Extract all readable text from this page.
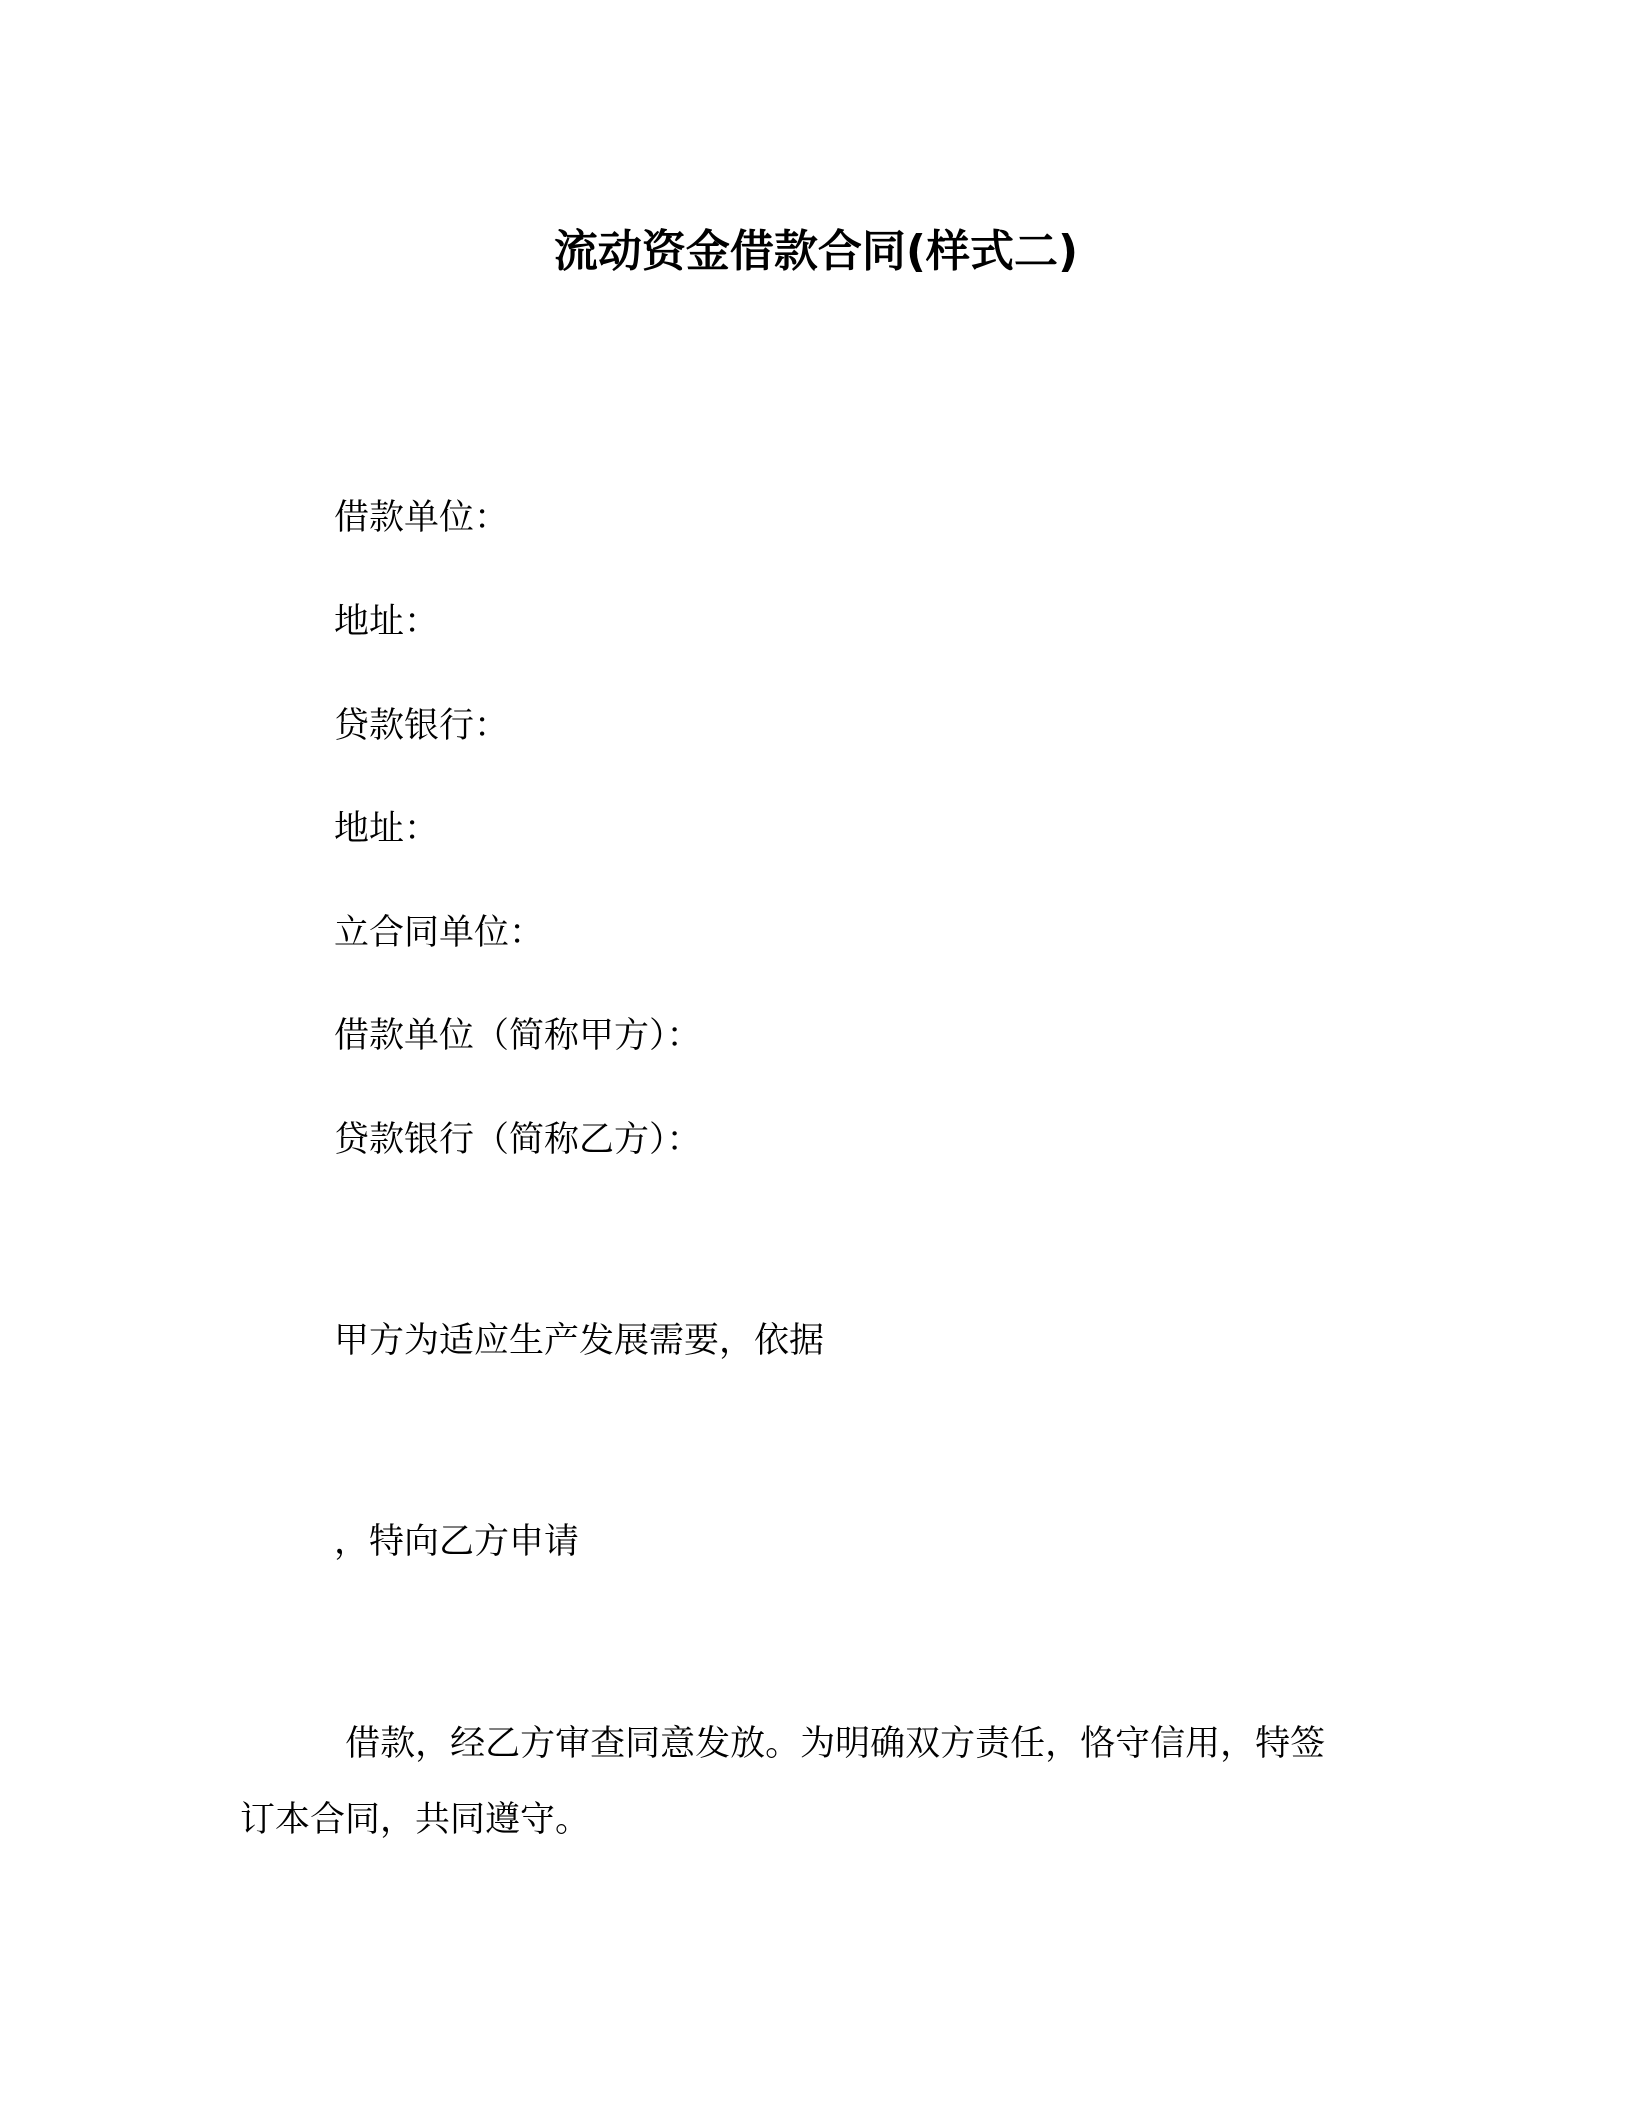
流动资金借款合同(样式二)
借款单位：
地址：
贷款银行：
地址：
立合同单位：
借款单位（简称甲方）：
贷款银行（简称乙方）：
甲方为适应生产发展需要，依据
，特向乙方申请
借款，经乙方审查同意发放。为明确双方责任，恪守信用，特签
订本合同，共同遵守。
